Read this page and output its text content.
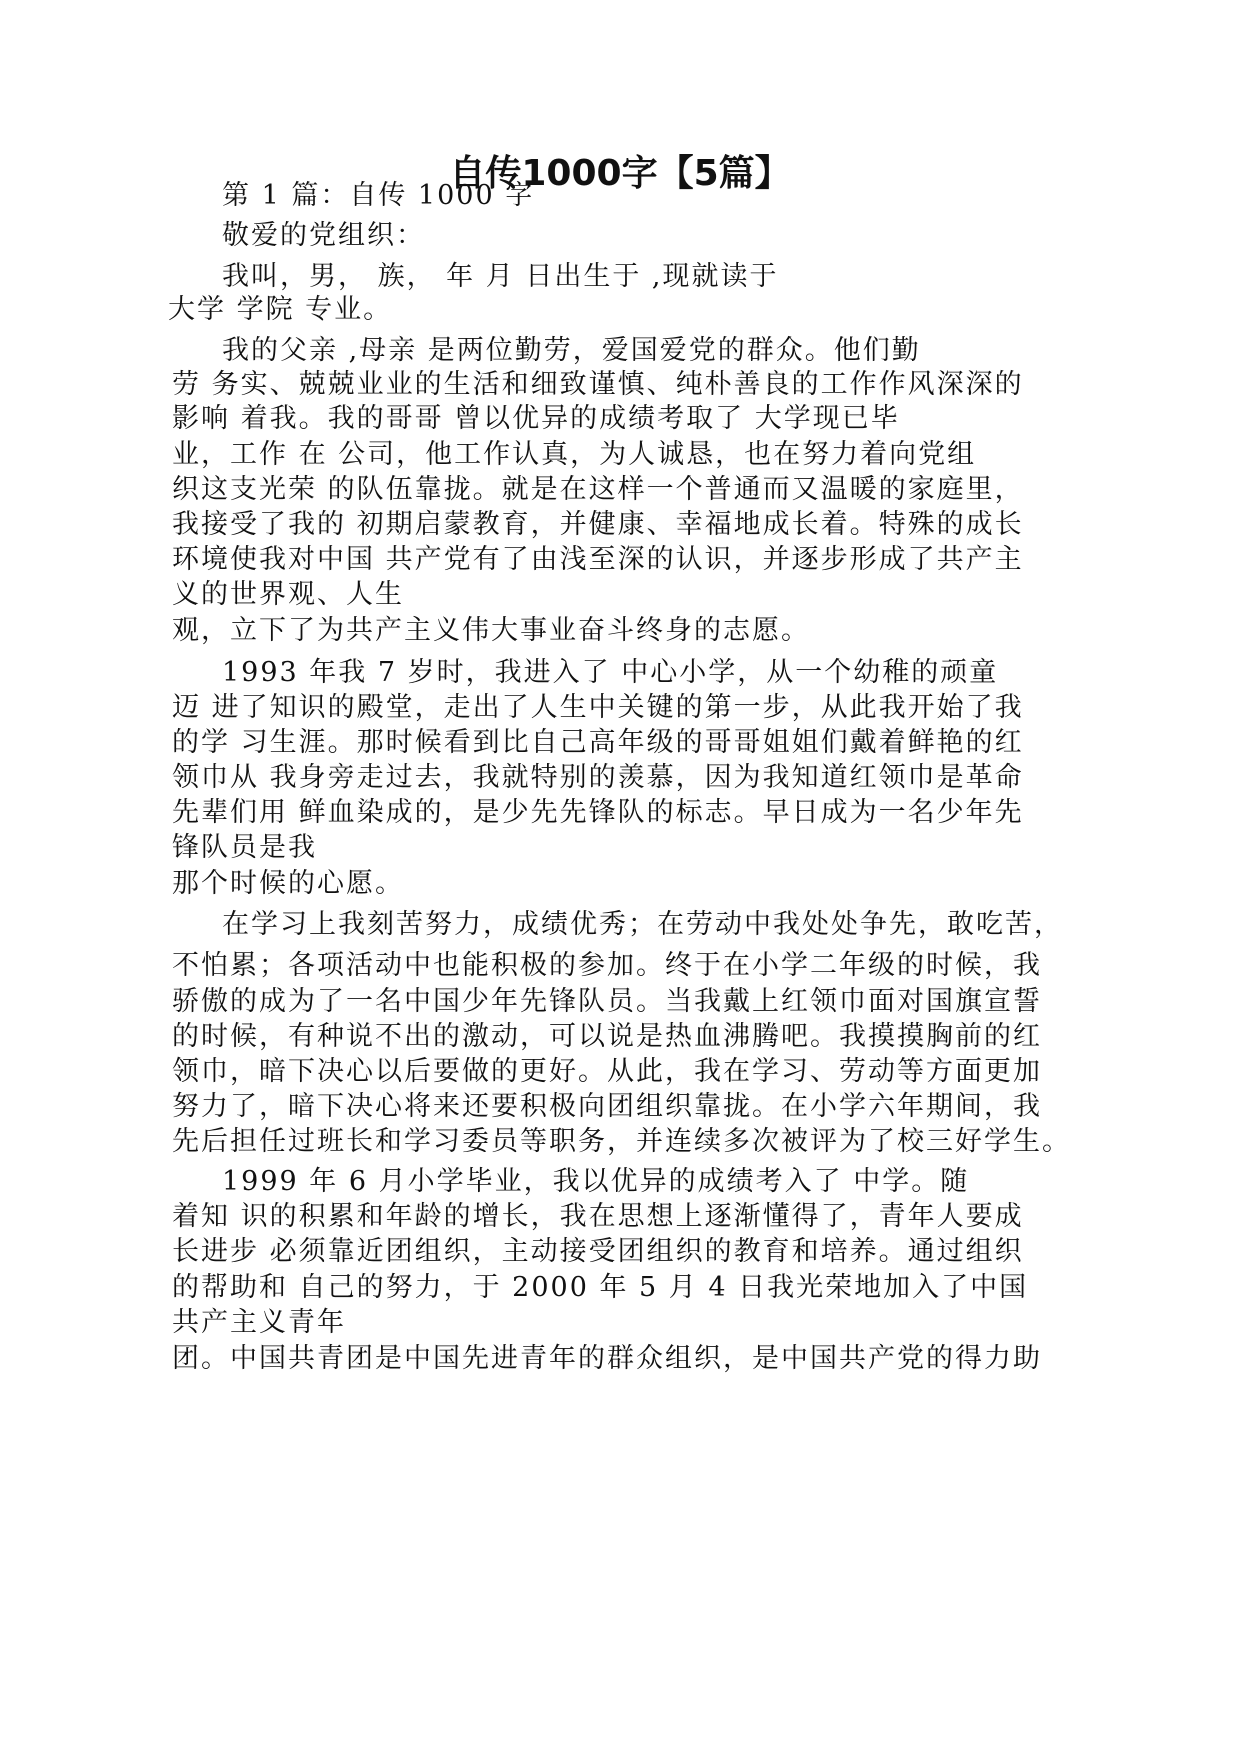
自传1000字【5篇】
第 1 篇：自传 1000 字
敬爱的党组织：
我叫，男， 族， 年 月 日出生于 ,现就读于
大学 学院 专业。
我的父亲 ,母亲 是两位勤劳，爱国爱党的群众。他们勤
劳 务实、兢兢业业的生活和细致谨慎、纯朴善良的工作作风深深的
影响 着我。我的哥哥 曾以优异的成绩考取了 大学现已毕
业，工作 在 公司，他工作认真，为人诚恳，也在努力着向党组
织这支光荣 的队伍靠拢。就是在这样一个普通而又温暖的家庭里，
我接受了我的 初期启蒙教育，并健康、幸福地成长着。特殊的成长
环境使我对中国 共产党有了由浅至深的认识，并逐步形成了共产主
义的世界观、人生
观，立下了为共产主义伟大事业奋斗终身的志愿。
1993 年我 7 岁时，我进入了 中心小学，从一个幼稚的顽童
迈 进了知识的殿堂，走出了人生中关键的第一步，从此我开始了我
的学 习生涯。那时候看到比自己高年级的哥哥姐姐们戴着鲜艳的红
领巾从 我身旁走过去，我就特别的羡慕，因为我知道红领巾是革命
先辈们用 鲜血染成的，是少先先锋队的标志。早日成为一名少年先
锋队员是我
那个时候的心愿。
在学习上我刻苦努力，成绩优秀；在劳动中我处处争先，敢吃苦，
不怕累；各项活动中也能积极的参加。终于在小学二年级的时候，我
骄傲的成为了一名中国少年先锋队员。当我戴上红领巾面对国旗宣誓
的时候，有种说不出的激动，可以说是热血沸腾吧。我摸摸胸前的红
领巾，暗下决心以后要做的更好。从此，我在学习、劳动等方面更加
努力了，暗下决心将来还要积极向团组织靠拢。在小学六年期间，我
先后担任过班长和学习委员等职务，并连续多次被评为了校三好学生。
1999 年 6 月小学毕业，我以优异的成绩考入了 中学。随
着知 识的积累和年龄的增长，我在思想上逐渐懂得了，青年人要成
长进步 必须靠近团组织，主动接受团组织的教育和培养。通过组织
的帮助和 自己的努力，于 2000 年 5 月 4 日我光荣地加入了中国
共产主义青年
团。中国共青团是中国先进青年的群众组织，是中国共产党的得力助
